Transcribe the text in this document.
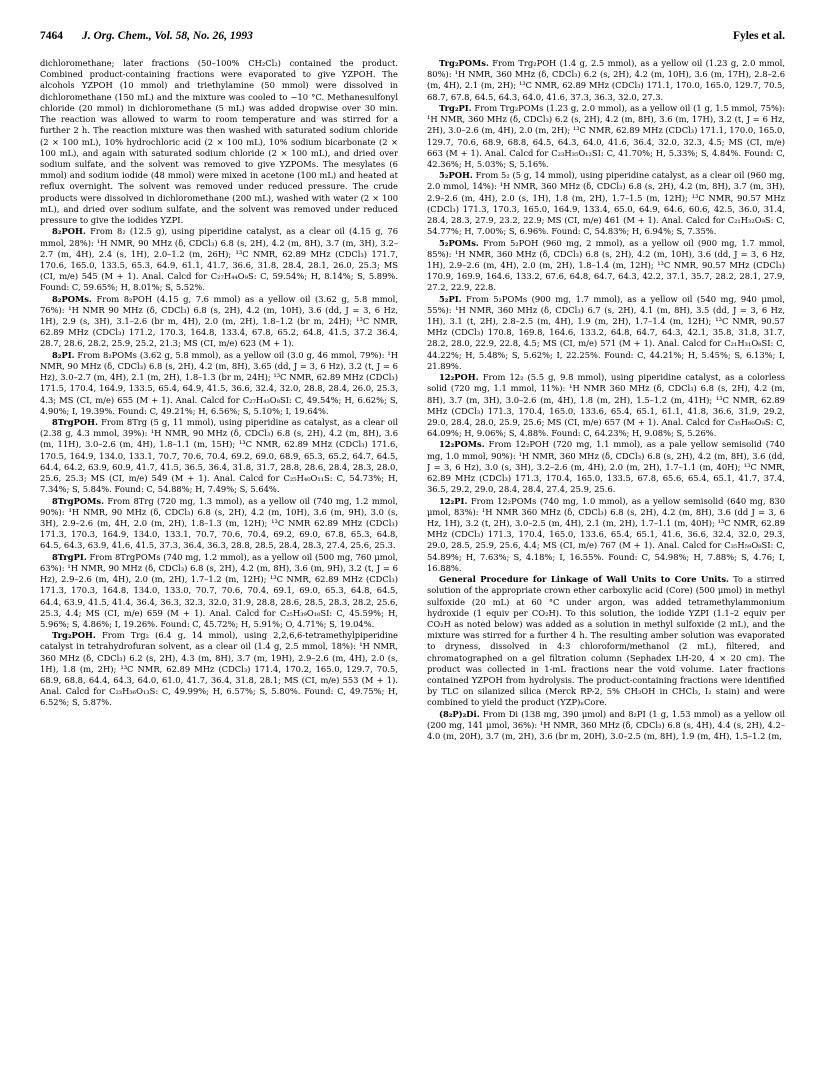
7464 J. Org. Chem., Vol. 58, No. 26, 1993	Fyles et al.

dichloromethane; later fractions (50–100% CH₂Cl₂) contained the product. Combined product-containing fractions were evaporated to give YZPOH. The alcohols YZPOH (10 mmol) and triethylamine (50 mmol) were dissolved in dichloromethane (150 mL) and the mixture was cooled to −10 °C. Methanesulfonyl chloride (20 mmol) in dichloromethane (5 mL) was added dropwise over 30 min. The reaction was allowed to warm to room temperature and was stirred for a further 2 h. The reaction mixture was then washed with saturated sodium chloride (2 × 100 mL), 10% hydrochloric acid (2 × 100 mL), 10% sodium bicarbonate (2 × 100 mL), and again with saturated sodium chloride (2 × 100 mL), and dried over sodium sulfate, and the solvent was removed to give YZPOMs. The mesylates (6 mmol) and sodium iodide (48 mmol) were mixed in acetone (100 mL) and heated at reflux overnight. The solvent was removed under reduced pressure. The crude products were dissolved in dichloromethane (200 mL), washed with water (2 × 100 mL), and dried over sodium sulfate, and the solvent was removed under reduced pressure to give the iodides YZPI.

8₂POH. From 8₂ (12.5 g), using piperidine catalyst, as a clear oil (4.15 g, 76 mmol, 28%): ¹H NMR, 90 MHz (δ, CDCl₃) 6.8 (s, 2H), 4.2 (m, 8H), 3.7 (m, 3H), 3.2–2.7 (m, 4H), 2.4 (s, 1H), 2.0–1.2 (m, 26H); ¹³C NMR, 62.89 MHz (CDCl₃) 171.7, 170.6, 165.0, 133.5, 65.3, 64.9, 61.1, 41.7, 36.6, 31.8, 28.4, 28.1, 26.0, 25.3; MS (CI, m/e) 545 (M + 1). Anal. Calcd for C₂₇H₄₄O₉S: C, 59.54%; H, 8.14%; S, 5.89%. Found: C, 59.65%; H, 8.01%; S, 5.52%.

8₂POMs. From 8₂POH (4.15 g, 7.6 mmol) as a yellow oil (3.62 g, 5.8 mmol, 76%): ¹H NMR 90 MHz (δ, CDCl₃) 6.8 (s, 2H), 4.2 (m, 10H), 3.6 (dd, J = 3, 6 Hz, 1H), 2.9 (s, 3H), 3.1–2.6 (br m, 4H), 2.0 (m, 2H), 1.8–1.2 (br m, 24H); ¹³C NMR, 62.89 MHz (CDCl₃) 171.2, 170.3, 164.8, 133.4, 67.8, 65.2, 64.8, 41.5, 37.2 36.4, 28.7, 28.6, 28.2, 25.9, 25.2, 21.3; MS (CI, m/e) 623 (M + 1).

8₂PI. From 8₂POMs (3.62 g, 5.8 mmol), as a yellow oil (3.0 g, 46 mmol, 79%): ¹H NMR, 90 MHz (δ, CDCl₃) 6.8 (s, 2H), 4.2 (m, 8H), 3.65 (dd, J = 3, 6 Hz), 3.2 (t, J = 6 Hz), 3.0–2.7 (m, 4H), 2.1 (m, 2H), 1.8–1.3 (br m, 24H); ¹³C NMR, 62.89 MHz (CDCl₃) 171.5, 170.4, 164.9, 133.5, 65.4, 64.9, 41.5, 36.6, 32.4, 32.0, 28.8, 28.4, 26.0, 25.3, 4.3; MS (CI, m/e) 655 (M + 1). Anal. Calcd for C₂₇H₄₃O₈SI: C, 49.54%; H, 6.62%; S, 4.90%; I, 19.39%. Found: C, 49.21%; H, 6.56%; S, 5.10%; I, 19.64%.

8TrgPOH. From 8Trg (5 g, 11 mmol), using piperidine as catalyst, as a clear oil (2.38 g, 4.3 mmol, 39%): ¹H NMR, 90 MHz (δ, CDCl₃) 6.8 (s, 2H), 4.2 (m, 8H), 3.6 (m, 11H), 3.0–2.6 (m, 4H), 1.8–1.1 (m, 15H); ¹³C NMR, 62.89 MHz (CDCl₃) 171.6, 170.5, 164.9, 134.0, 133.1, 70.7, 70.6, 70.4, 69.2, 69.0, 68.9, 65.3, 65.2, 64.7, 64.5, 64.4, 64.2, 63.9, 60.9, 41.7, 41.5, 36.5, 36.4, 31.8, 31.7, 28.8, 28.6, 28.4, 28.3, 28.0, 25.6, 25.3; MS (CI, m/e) 549 (M + 1). Anal. Calcd for C₂₅H₄₀O₁₁S: C, 54.73%; H, 7.34%; S, 5.84%. Found: C, 54.88%; H, 7.49%; S, 5.64%.

8TrgPOMs. From 8Trg (720 mg, 1.3 mmol), as a yellow oil (740 mg, 1.2 mmol, 90%): ¹H NMR, 90 MHz (δ, CDCl₃) 6.8 (s, 2H), 4.2 (m, 10H), 3.6 (m, 9H), 3.0 (s, 3H), 2.9–2.6 (m, 4H, 2.0 (m, 2H), 1.8–1.3 (m, 12H); ¹³C NMR 62.89 MHz (CDCl₃) 171.3, 170.3, 164.9, 134.0, 133.1, 70.7, 70.6, 70.4, 69.2, 69.0, 67.8, 65.3, 64.8, 64.5, 64.3, 63.9, 41.6, 41.5, 37.3, 36.4, 36.3, 28.8, 28.5, 28.4, 28.3, 27.4, 25.6, 25.3.

8TrgPI. From 8TrgPOMs (740 mg, 1.2 mmol), as a yellow oil (500 mg, 760 μmol, 63%): ¹H NMR, 90 MHz (δ, CDCl₃) 6.8 (s, 2H), 4.2 (m, 8H), 3.6 (m, 9H), 3.2 (t, J = 6 Hz), 2.9–2.6 (m, 4H), 2.0 (m, 2H), 1.7–1.2 (m, 12H); ¹³C NMR, 62.89 MHz (CDCl₃) 171.3, 170.3, 164.8, 134.0, 133.0, 70.7, 70.6, 70.4, 69.1, 69.0, 65.3, 64.8, 64.5, 64.4, 63.9, 41.5, 41.4, 36.4, 36.3, 32.3, 32.0, 31.9, 28.8, 28.6, 28.5, 28.3, 28.2, 25.6, 25.3, 4.4; MS (CI, m/e) 659 (M + 1). Anal. Calcd for C₂₅H₃₉O₁₀SI: C, 45.59%; H, 5.96%; S, 4.86%; I, 19.26%. Found: C, 45.72%; H, 5.91%; O, 4.71%; S, 19.04%.

Trg₂POH. From Trg₂ (6.4 g, 14 mmol), using 2,2,6,6-tetramethylpiperidine catalyst in tetrahydrofuran solvent, as a clear oil (1.4 g, 2.5 mmol, 18%): ¹H NMR, 360 MHz (δ, CDCl₃) 6.2 (s, 2H), 4.3 (m, 8H), 3.7 (m, 19H), 2.9–2.6 (m, 4H), 2.0 (s, 1H), 1.8 (m, 2H); ¹³C NMR, 62.89 MHz (CDCl₃) 171.4, 170.2, 165.0, 129.7, 70.5, 68.9, 68.8, 64.4, 64.3, 64.0, 61.0, 41.7, 36.4, 31.8, 28.1; MS (CI, m/e) 553 (M + 1). Anal. Calcd for C₂₃H₃₆O₁₃S: C, 49.99%; H, 6.57%; S, 5.80%. Found: C, 49.75%; H, 6.52%; S, 5.87%.

Trg₂POMs. From Trg₂POH (1.4 g, 2.5 mmol), as a yellow oil (1.23 g, 2.0 mmol, 80%): ¹H NMR, 360 MHz (δ, CDCl₃) 6.2 (s, 2H), 4.2 (m, 10H), 3.6 (m, 17H), 2.8–2.6 (m, 4H), 2.1 (m, 2H); ¹³C NMR, 62.89 MHz (CDCl₃) 171.1, 170.0, 165.0, 129.7, 70.5, 68.7, 67.8, 64.5, 64.3, 64.0, 41.6, 37.3, 36.3, 32.0, 27.3.

Trg₂PI. From Trg₂POMs (1.23 g, 2.0 mmol), as a yellow oil (1 g, 1.5 mmol, 75%): ¹H NMR, 360 MHz (δ, CDCl₃) 6.2 (s, 2H), 4.2 (m, 8H), 3.6 (m, 17H), 3.2 (t, J = 6 Hz, 2H), 3.0–2.6 (m, 4H), 2.0 (m, 2H); ¹³C NMR, 62.89 MHz (CDCl₃) 171.1, 170.0, 165.0, 129.7, 70.6, 68.9, 68.8, 64.5, 64.3, 64.0, 41.6, 36.4, 32.0, 32.3, 4.5; MS (CI, m/e) 663 (M + 1). Anal. Calcd for C₂₃H₃₅O₁₂SI: C, 41.70%; H, 5.33%; S, 4.84%. Found: C, 42.36%; H, 5.03%; S, 5.16%.

5₂POH. From 5₂ (5 g, 14 mmol), using piperidine catalyst, as a clear oil (960 mg, 2.0 mmol, 14%): ¹H NMR, 360 MHz (δ, CDCl₃) 6.8 (s, 2H), 4.2 (m, 8H), 3.7 (m, 3H), 2.9–2.6 (m, 4H), 2.0 (s, 1H), 1.8 (m, 2H), 1.7–1.5 (m, 12H); ¹³C NMR, 90.57 MHz (CDCl₃) 171.3, 170.3, 165.0, 164.9, 133.4, 65.0, 64.9, 64.6, 60.6, 42.5, 36.0, 31.4, 28.4, 28.3, 27.9, 23.2, 22.9; MS (CI, m/e) 461 (M + 1). Anal. Calcd for C₂₁H₃₂O₉S: C, 54.77%; H, 7.00%; S, 6.96%. Found: C, 54.83%; H, 6.94%; S, 7.35%.

5₂POMs. From 5₂POH (960 mg, 2 mmol), as a yellow oil (900 mg, 1.7 mmol, 85%): ¹H NMR, 360 MHz (δ, CDCl₃) 6.8 (s, 2H), 4.2 (m, 10H), 3.6 (dd, J = 3, 6 Hz, 1H), 2.9–2.6 (m, 4H), 2.0 (m, 2H), 1.8–1.4 (m, 12H); ¹³C NMR, 90.57 MHz (CDCl₃) 170.9, 169.9, 164.6, 133.2, 67.6, 64.8, 64.7, 64.3, 42.2, 37.1, 35.7, 28.2, 28.1, 27.9, 27.2, 22.9, 22.8.

5₂PI. From 5₂POMs (900 mg, 1.7 mmol), as a yellow oil (540 mg, 940 μmol, 55%): ¹H NMR, 360 MHz (δ, CDCl₃) 6.7 (s, 2H), 4.1 (m, 8H), 3.5 (dd, J = 3, 6 Hz, 1H), 3.1 (t, 2H), 2.8–2.5 (m, 4H), 1.9 (m, 2H), 1.7–1.4 (m, 12H); ¹³C NMR, 90.57 MHz (CDCl₃) 170.8, 169.8, 164.6, 133.2, 64.8, 64.7, 64.3, 42.1, 35.8, 31.8, 31.7, 28.2, 28.0, 22.9, 22.8, 4.5; MS (CI, m/e) 571 (M + 1). Anal. Calcd for C₂₁H₃₁O₈SI: C, 44.22%; H, 5.48%; S, 5.62%; I, 22.25%. Found: C, 44.21%; H, 5.45%; S, 6.13%; I, 21.89%.

12₂POH. From 12₂ (5.5 g, 9.8 mmol), using piperidine catalyst, as a colorless solid (720 mg, 1.1 mmol, 11%): ¹H NMR 360 MHz (δ, CDCl₃) 6.8 (s, 2H), 4.2 (m, 8H), 3.7 (m, 3H), 3.0–2.6 (m, 4H), 1.8 (m, 2H), 1.5–1.2 (m, 41H); ¹³C NMR, 62.89 MHz (CDCl₃) 171.3, 170.4, 165.0, 133.6, 65.4, 65.1, 61.1, 41.8, 36.6, 31.9, 29.2, 29.0, 28.4, 28.0, 25.9, 25.6; MS (CI, m/e) 657 (M + 1). Anal. Calcd for C₃₅H₆₀O₉S: C, 64.09%; H, 9.06%; S, 4.88%. Found: C, 64.23%; H, 9.08%; S, 5.26%.

12₂POMs. From 12₂POH (720 mg, 1.1 mmol), as a pale yellow semisolid (740 mg, 1.0 mmol, 90%): ¹H NMR, 360 MHz (δ, CDCl₃) 6.8 (s, 2H), 4.2 (m, 8H), 3.6 (dd, J = 3, 6 Hz), 3.0 (s, 3H), 3.2–2.6 (m, 4H), 2.0 (m, 2H), 1.7–1.1 (m, 40H); ¹³C NMR, 62.89 MHz (CDCl₃) 171.3, 170.4, 165.0, 133.5, 67.8, 65.6, 65.4, 65.1, 41.7, 37.4, 36.5, 29.2, 29.0, 28.4, 28.4, 27.4, 25.9, 25.6.

12₂PI. From 12₂POMs (740 mg, 1.0 mmol), as a yellow semisolid (640 mg, 830 μmol, 83%): ¹H NMR 360 MHz (δ, CDCl₃) 6.8 (s, 2H), 4.2 (m, 8H), 3.6 (dd J = 3, 6 Hz, 1H), 3.2 (t, 2H), 3.0–2.5 (m, 4H), 2.1 (m, 2H), 1.7–1.1 (m, 40H); ¹³C NMR, 62.89 MHz (CDCl₃) 171.3, 170.4, 165.0, 133.6, 65.4, 65.1, 41.6, 36.6, 32.4, 32.0, 29.3, 29.0, 28.5, 25.9, 25.6, 4.4; MS (CI, m/e) 767 (M + 1). Anal. Calcd for C₃₅H₅₉O₈SI: C, 54.89%; H, 7.63%; S, 4.18%; I, 16.55%. Found: C, 54.98%; H, 7.88%; S, 4.76; I, 16.88%.

General Procedure for Linkage of Wall Units to Core Units. To a stirred solution of the appropriate crown ether carboxylic acid (Core) (500 μmol) in methyl sulfoxide (20 mL) at 60 °C under argon, was added tetramethylammonium hydroxide (1 equiv per CO₂H). To this solution, the iodide YZPI (1.1–2 equiv per CO₂H as noted below) was added as a solution in methyl sulfoxide (2 mL), and the mixture was stirred for a further 4 h. The resulting amber solution was evaporated to dryness, dissolved in 4:3 chloroform/methanol (2 mL), filtered, and chromatographed on a gel filtration column (Sephadex LH-20, 4 × 20 cm). The product was collected in 1-mL fractions near the void volume. Later fractions contained YZPOH from hydrolysis. The product-containing fractions were identified by TLC on silanized silica (Merck RP-2, 5% CH₃OH in CHCl₃, I₂ stain) and were combined to yield the product (YZP)ₙCore.

(8₂P)₂Di. From Di (138 mg, 390 μmol) and 8₂PI (1 g, 1.53 mmol) as a yellow oil (200 mg, 141 μmol, 36%): ¹H NMR, 360 MHz (δ, CDCl₃) 6.8 (s, 4H), 4.4 (s, 2H), 4.2–4.0 (m, 20H), 3.7 (m, 2H), 3.6 (br m, 20H), 3.0–2.5 (m, 8H), 1.9 (m, 4H), 1.5–1.2 (m,
